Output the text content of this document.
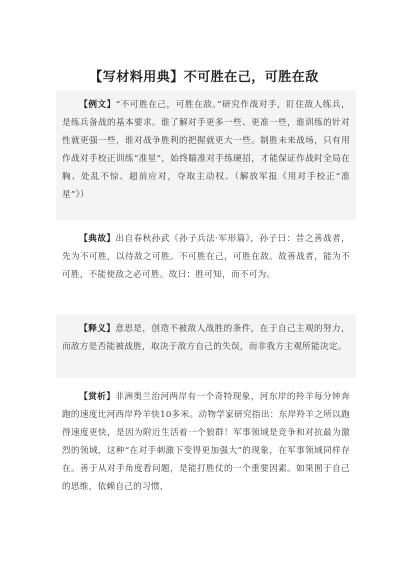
【写材料用典】不可胜在己，可胜在敌
【例文】“不可胜在己，可胜在敌。”研究作战对手，盯住敌人练兵，是练兵备战的基本要求。谁了解对手更多一些、更准一些，谁训练的针对性就更强一些，谁对战争胜利的把握就更大一些。制胜未来战场，只有用作战对手校正训练“准星”，始终瞄准对手练硬招，才能保证作战时全局在胸、处乱不惊、超前应对，夺取主动权。（解放军报《用对手校正“准星”》）
【典故】出自春秋孙武《孙子兵法·军形篇》，孙子曰：昔之善战者，先为不可胜，以待敌之可胜。不可胜在己，可胜在敌。故善战者，能为不可胜，不能使敌之必可胜。故曰：胜可知，而不可为。
【释义】意思是，创造不被敌人战胜的条件，在于自己主观的努力，而敌方是否能被战胜，取决于敌方自己的失误，而非我方主观所能决定。
【赏析】非洲奥兰治河两岸有一个奇特现象，河东岸的羚羊每分钟奔跑的速度比河西岸羚羊快10多米。动物学家研究指出：东岸羚羊之所以跑得速度更快，是因为附近生活着一个狼群！军事领域是竞争和对抗最为激烈的领域，这种“在对手刺激下变得更加强大”的现象，在军事领域同样存在。善于从对手角度看问题，是能打胜仗的一个重要因素。如果囿于自己的思维，依赖自己的习惯，
